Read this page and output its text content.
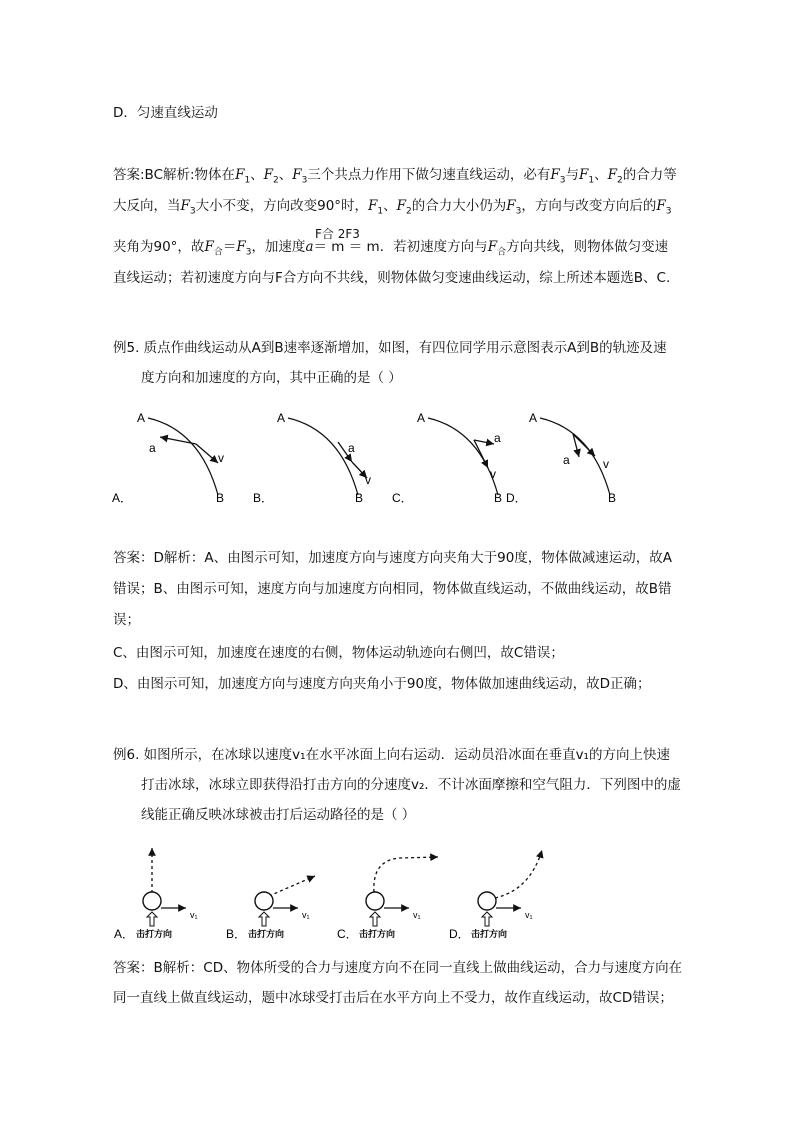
D．匀速直线运动
答案:BC解析:物体在$F_1$、$F_2$、$F_3$三个共点力作用下做匀速直线运动，必有$F_3$与$F_1$、$F_2$的合力等
大反向，当$F_3$大小不变，方向改变90°时，$F_1$、$F_2$的合力大小仍为$F_3$，方向与改变方向后的$F_3$
F合 2F3
夹角为90°，故$F_合=F_3$，加速度a＝ m ＝ m．若初速度方向与$F_合$方向共线，则物体做匀变速
直线运动；若初速度方向与F合方向不共线，则物体做匀变速曲线运动，综上所述本题选B、C.
例5. 质点作曲线运动从A到B速率逐渐增加，如图，有四位同学用示意图表示A到B的轨迹及速
度方向和加速度的方向，其中正确的是（ ）
A
a
v
B
A．
A
a
v
B
B．
A
a
v
B
C．
A
a	v
B
D．
答案：D解析：A、由图示可知，加速度方向与速度方向夹角大于90度，物体做减速运动，故A
错误；B、由图示可知，速度方向与加速度方向相同，物体做直线运动，不做曲线运动，故B错
误；
C、由图示可知，加速度在速度的右侧，物体运动轨迹向右侧凹，故C错误；
D、由图示可知，加速度方向与速度方向夹角小于90度，物体做加速曲线运动，故D正确；
例6. 如图所示，在冰球以速度v₁在水平冰面上向右运动．运动员沿冰面在垂直v₁的方向上快速
打击冰球，冰球立即获得沿打击方向的分速度v₂．不计冰面摩擦和空气阻力．下列图中的虚
线能正确反映冰球被击打后运动路径的是（ ）
v₁
击打方向
A．
v₁
击打方向
B．
v₁
击打方向
C．
v₁
击打方向
D．
答案：B解析：CD、物体所受的合力与速度方向不在同一直线上做曲线运动，合力与速度方向在
同一直线上做直线运动，题中冰球受打击后在水平方向上不受力，故作直线运动，故CD错误；
